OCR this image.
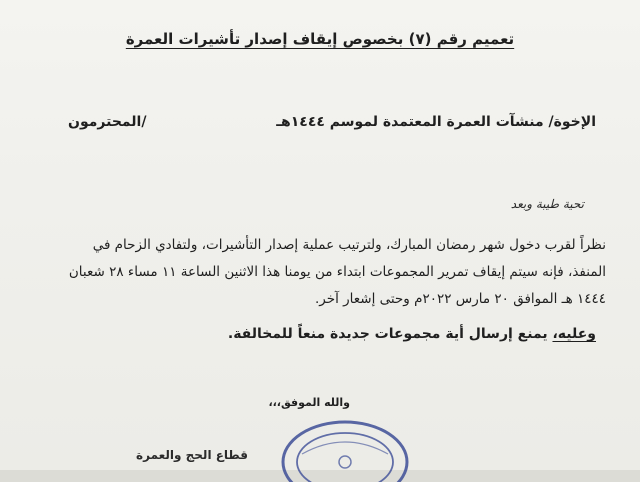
تعميم رقم (٧) بخصوص إيقاف إصدار تأشيرات العمرة
الإخوة/ منشآت العمرة المعتمدة لموسم ١٤٤٤هـ
/المحترمون
تحية طيبة وبعد

نظراً لقرب دخول شهر رمضان المبارك، ولترتيب عملية إصدار التأشيرات، ولتفادي الزحام في

المنفذ، فإنه سيتم إيقاف تمرير المجموعات ابتداء من يومنا هذا الاثنين الساعة ١١ مساء ٢٨ شعبان

١٤٤٤ هـ الموافق ٢٠ مارس ٢٠٢٢م وحتى إشعار آخر.

وعليه، يمنع إرسال أية مجموعات جديدة منعاً للمخالفة.
والله الموفق،،،
قطاع الحج والعمرة
